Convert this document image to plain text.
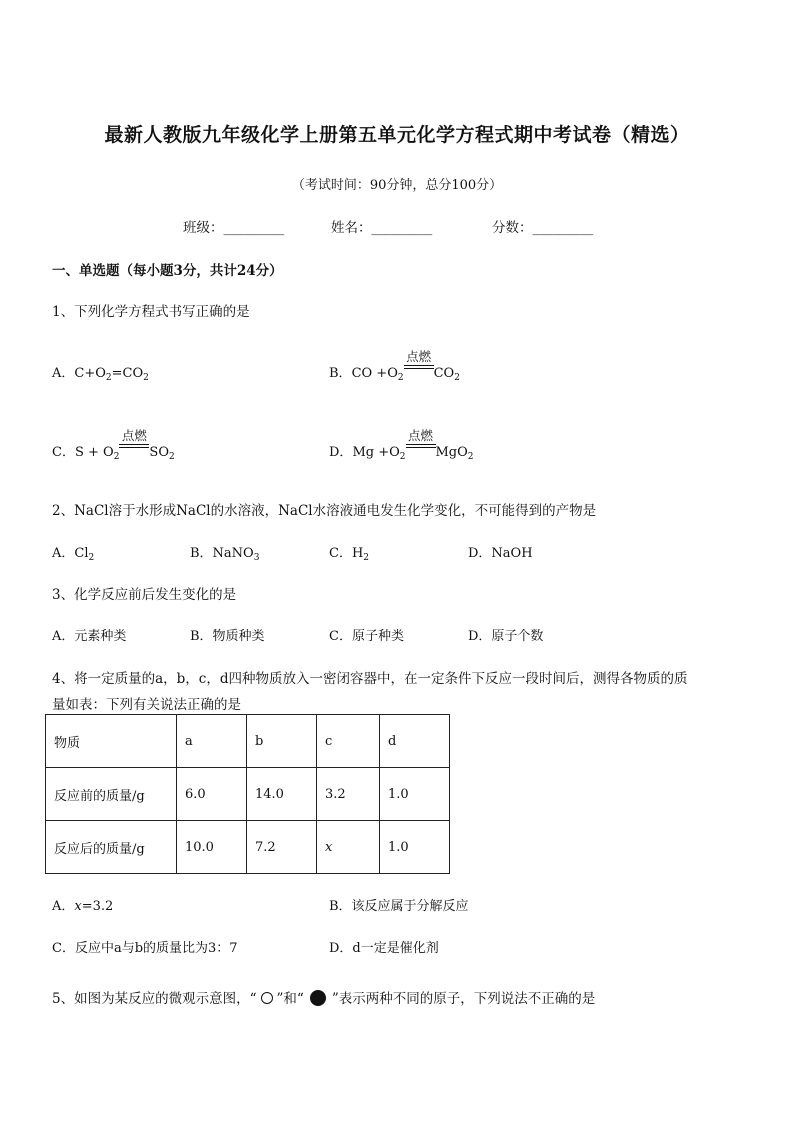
最新人教版九年级化学上册第五单元化学方程式期中考试卷（精选）
（考试时间：90分钟，总分100分）
班级：_________	姓名：_________	分数：_________
一、单选题（每小题3分，共计24分）
1、下列化学方程式书写正确的是
A．$C+O_2=CO_2$	B．CO $+O_2$
点燃
$CO_2$
C．$S + O_2$
点燃
$SO_2$	D．$Mg +O_2$
点燃
MgO$_2$
2、NaCl溶于水形成NaCl的水溶液，NaCl水溶液通电发生化学变化，不可能得到的产物是
A．$Cl_2$	B．NaNO$_3$	C．$H_2$	D．NaOH
3、化学反应前后发生变化的是
A．元素种类	B．物质种类	C．原子种类	D．原子个数
4、将一定质量的a，b，c，d四种物质放入一密闭容器中，在一定条件下反应一段时间后，测得各物质的质
量如表：下列有关说法正确的是
物质	a	b	c	d
反应前的质量/g	6.0	14.0	3.2	1.0
反应后的质量/g	10.0	7.2	x	1.0
A．x=3.2	B．该反应属于分解反应
C．反应中a与b的质量比为3：7	D．d一定是催化剂
5、如图为某反应的微观示意图，“ ”和“ ”表示两种不同的原子，下列说法不正确的是
